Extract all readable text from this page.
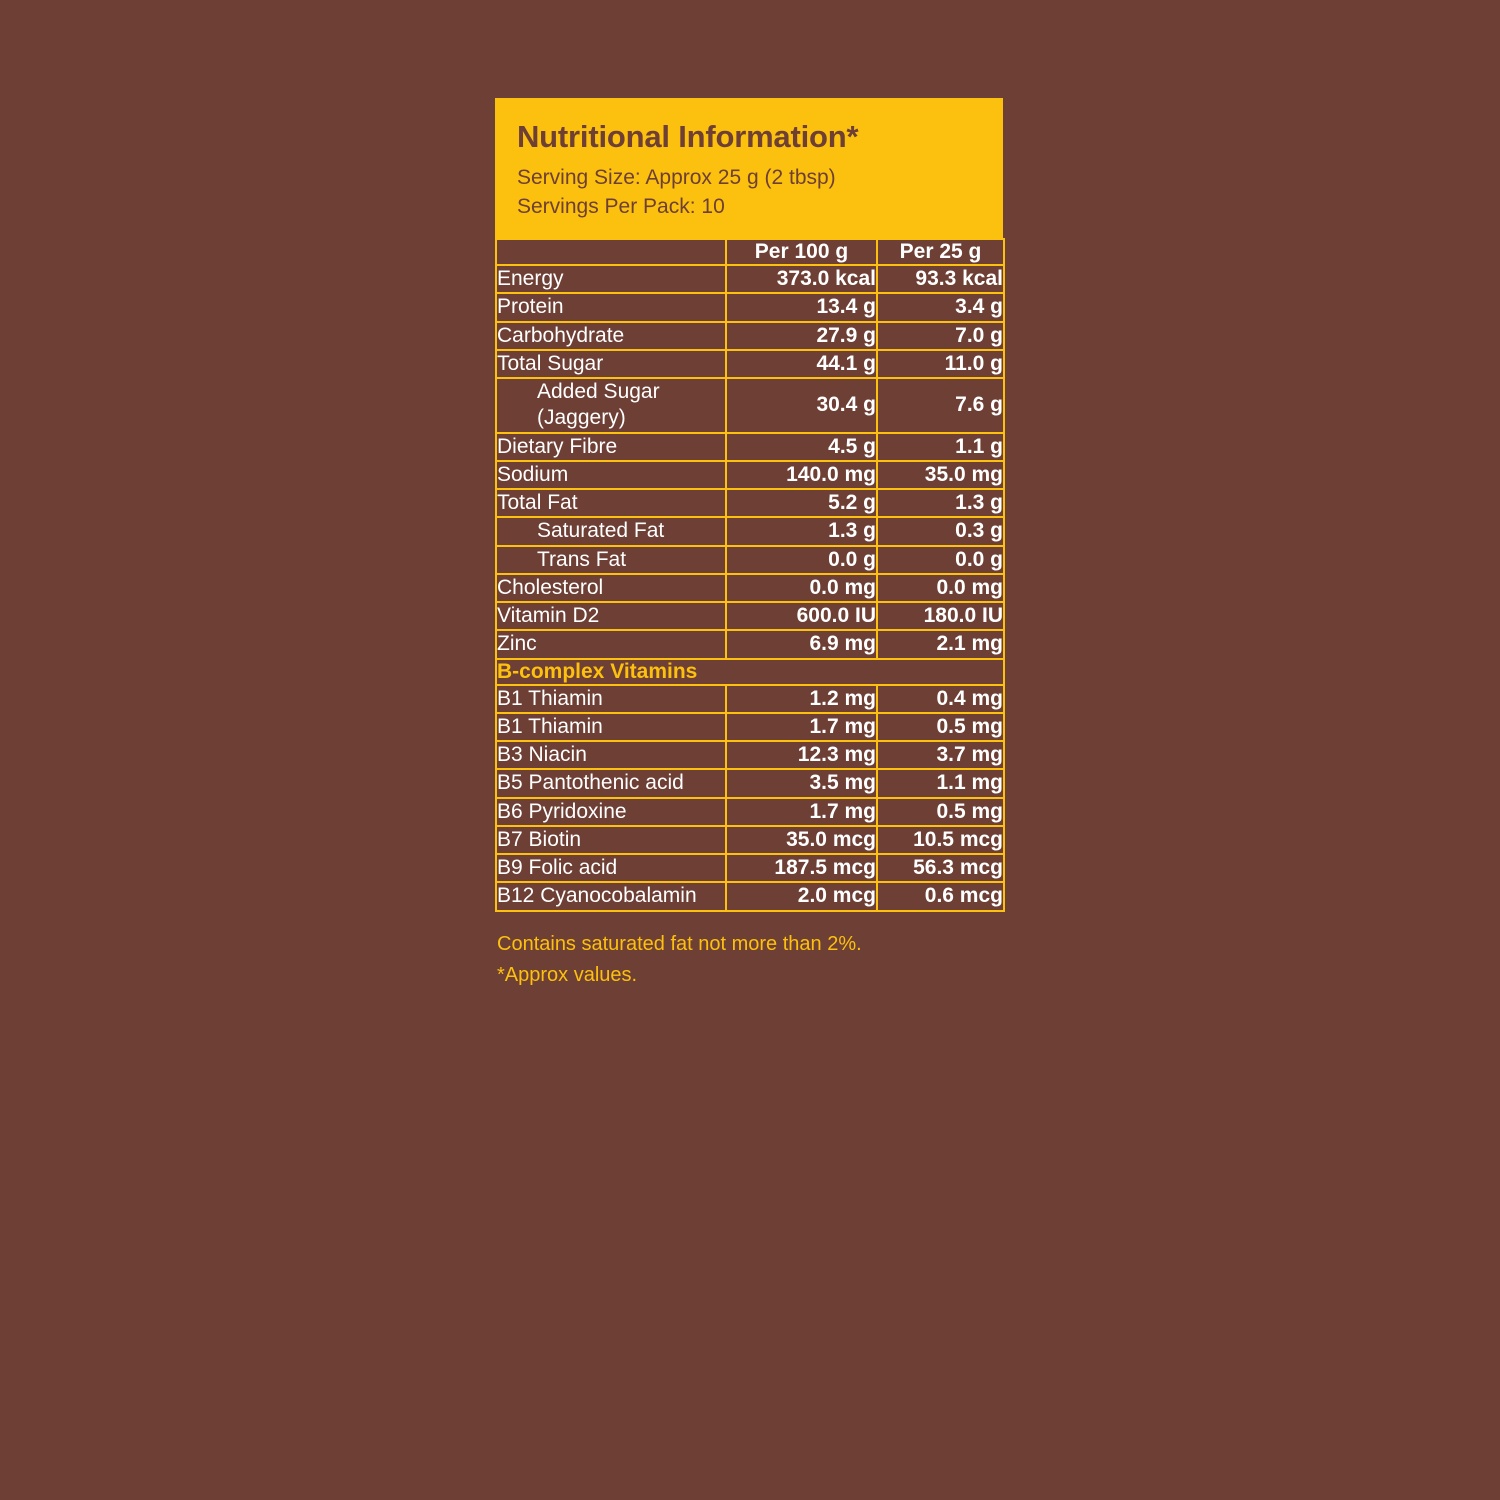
Nutritional Information*
Serving Size: Approx 25 g (2 tbsp)
Servings Per Pack: 10
	Per 100 g	Per 25 g
Energy	373.0 kcal	93.3 kcal
Protein	13.4 g	3.4 g
Carbohydrate	27.9 g	7.0 g
Total Sugar	44.1 g	11.0 g
Added Sugar (Jaggery)	30.4 g	7.6 g
Dietary Fibre	4.5 g	1.1 g
Sodium	140.0 mg	35.0 mg
Total Fat	5.2 g	1.3 g
Saturated Fat	1.3 g	0.3 g
Trans Fat	0.0 g	0.0 g
Cholesterol	0.0 mg	0.0 mg
Vitamin D2	600.0 IU	180.0 IU
Zinc	6.9 mg	2.1 mg
B-complex Vitamins		
B1 Thiamin	1.2 mg	0.4 mg
B1 Thiamin	1.7 mg	0.5 mg
B3 Niacin	12.3 mg	3.7 mg
B5 Pantothenic acid	3.5 mg	1.1 mg
B6 Pyridoxine	1.7 mg	0.5 mg
B7 Biotin	35.0 mcg	10.5 mcg
B9 Folic acid	187.5 mcg	56.3 mcg
B12 Cyanocobalamin	2.0 mcg	0.6 mcg
Contains saturated fat not more than 2%.
*Approx values.
